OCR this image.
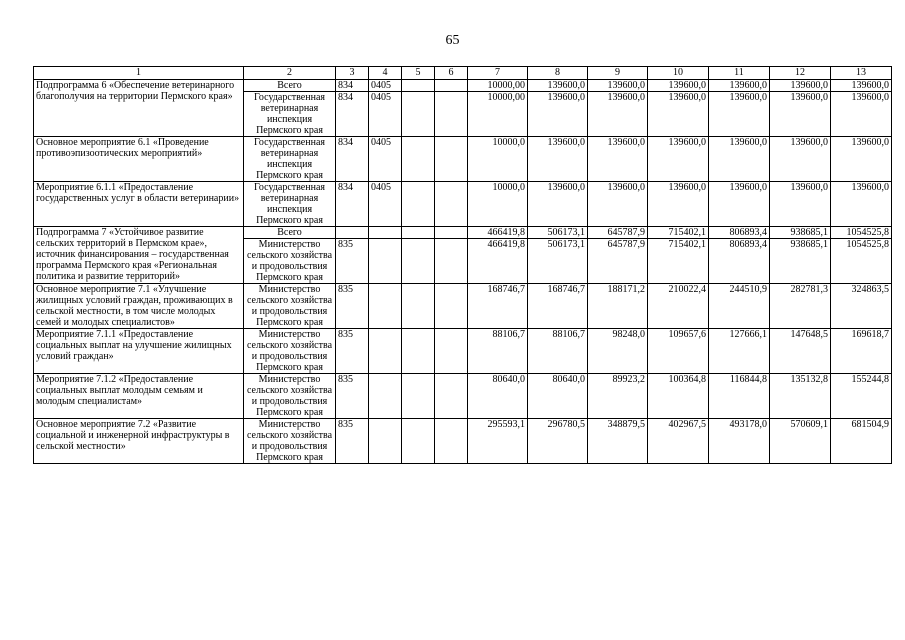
65
1	2	3	4	5	6	7	8	9	10	11	12	13
Подпрограмма 6 «Обеспечение ветеринарного благополучия на территории Пермского края»	Всего	834	0405			10000,00	139600,0	139600,0	139600,0	139600,0	139600,0	139600,0
	Государственная ветеринарная инспекция Пермского края	834	0405			10000,00	139600,0	139600,0	139600,0	139600,0	139600,0	139600,0
Основное мероприятие 6.1 «Проведение противоэпизоотических мероприятий»	Государственная ветеринарная инспекция Пермского края	834	0405			10000,0	139600,0	139600,0	139600,0	139600,0	139600,0	139600,0
Мероприятие 6.1.1 «Предоставление государственных услуг в области ветеринарии»	Государственная ветеринарная инспекция Пермского края	834	0405			10000,0	139600,0	139600,0	139600,0	139600,0	139600,0	139600,0
Подпрограмма 7 «Устойчивое развитие сельских территорий в Пермском крае», источник финансирования – государственная программа Пермского края «Региональная политика и развитие территорий»	Всего					466419,8	506173,1	645787,9	715402,1	806893,4	938685,1	1054525,8
	Министерство сельского хозяйства и продовольствия Пермского края	835				466419,8	506173,1	645787,9	715402,1	806893,4	938685,1	1054525,8
Основное мероприятие 7.1 «Улучшение жилищных условий граждан, проживающих в сельской местности, в том числе молодых семей и молодых специалистов»	Министерство сельского хозяйства и продовольствия Пермского края	835				168746,7	168746,7	188171,2	210022,4	244510,9	282781,3	324863,5
Мероприятие 7.1.1 «Предоставление социальных выплат на улучшение жилищных условий граждан»	Министерство сельского хозяйства и продовольствия Пермского края	835				88106,7	88106,7	98248,0	109657,6	127666,1	147648,5	169618,7
Мероприятие 7.1.2 «Предоставление социальных выплат молодым семьям и молодым специалистам»	Министерство сельского хозяйства и продовольствия Пермского края	835				80640,0	80640,0	89923,2	100364,8	116844,8	135132,8	155244,8
Основное мероприятие 7.2 «Развитие социальной и инженерной инфраструктуры в сельской местности»	Министерство сельского хозяйства и продовольствия Пермского края	835				295593,1	296780,5	348879,5	402967,5	493178,0	570609,1	681504,9
